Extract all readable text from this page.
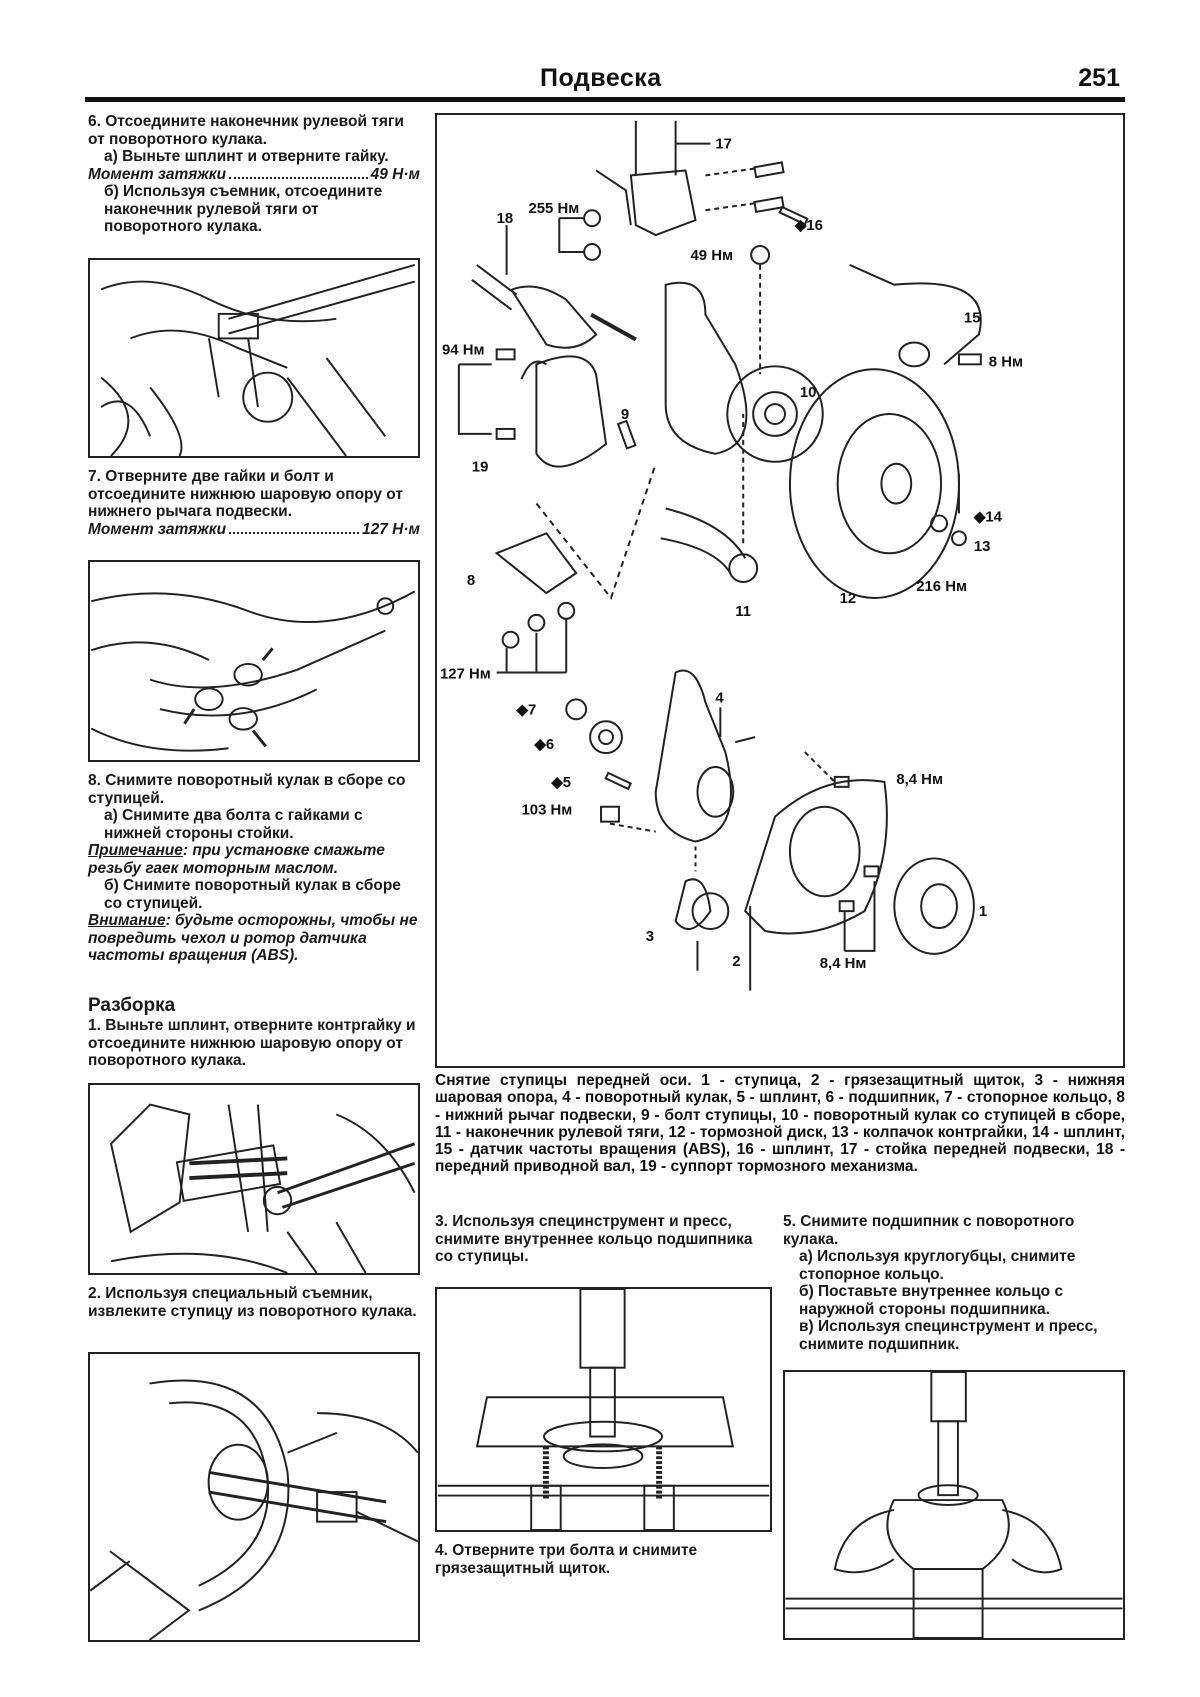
Подвеска	251

6. Отсоедините наконечник рулевой тяги от поворотного кулака.

а) Выньте шплинт и отверните гайку.

Момент затяжки	49 Н·м

б) Используя съемник, отсоедините наконечник рулевой тяги от поворотного кулака.

7. Отверните две гайки и болт и отсоедините нижнюю шаровую опору от нижнего рычага подвески.

Момент затяжки	127 Н·м

8. Снимите поворотный кулак в сборе со ступицей.

а) Снимите два болта с гайками с нижней стороны стойки.

Примечание: при установке смажьте резьбу гаек моторным маслом.

б) Снимите поворотный кулак в сборе со ступицей.

Внимание: будьте осторожны, чтобы не повредить чехол и ротор датчика частоты вращения (ABS).

Разборка

1. Выньте шплинт, отверните контргайку и отсоедините нижнюю шаровую опору от поворотного кулака.

2. Используя специальный съемник, извлеките ступицу из поворотного кулака.

17
255 Нм
18	◆16
49 Нм
15
8 Нм
94 Нм
10
9
19
◆14
13
216 Нм
8
11
12
127 Нм
4
◆7
◆6
8,4 Нм
◆5
103 Нм
1
3
2	8,4 Нм
Снятие ступицы передней оси. 1 - ступица, 2 - грязезащитный щиток, 3 - нижняя шаровая опора, 4 - поворотный кулак, 5 - шплинт, 6 - подшипник, 7 - стопорное кольцо, 8 - нижний рычаг подвески, 9 - болт ступицы, 10 - поворотный кулак со ступицей в сборе, 11 - наконечник рулевой тяги, 12 - тормозной диск, 13 - колпачок контргайки, 14 - шплинт, 15 - датчик частоты вращения (ABS), 16 - шплинт, 17 - стойка передней подвески, 18 - передний приводной вал, 19 - суппорт тормозного механизма.

3. Используя специнструмент и пресс, снимите внутреннее кольцо подшипника со ступицы.

4. Отверните три болта и снимите грязезащитный щиток.

5. Снимите подшипник с поворотного кулака.

а) Используя круглогубцы, снимите стопорное кольцо.

б) Поставьте внутреннее кольцо с наружной стороны подшипника.

в) Используя специнструмент и пресс, снимите подшипник.
